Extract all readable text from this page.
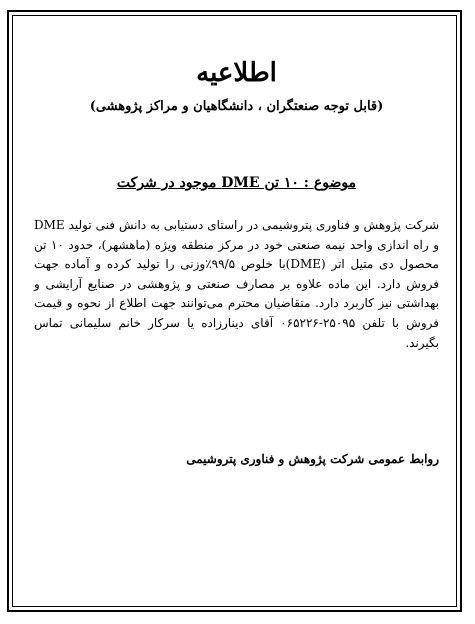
اطلاعیه
(قابل توجه صنعتگران ، دانشگاهیان و مراکز پژوهشی)
موضوع : ۱۰ تن DME موجود در شرکت
شرکت پژوهش و فناوری پتروشیمی در راستای دستیابی به دانش فنی تولید DME و راه اندازی واحد نیمه صنعتی خود در مرکز منطقه ویژه (ماهشهر)، حدود ۱۰ تن محصول دی متیل اتر (DME)با خلوص ۹۹/۵٪وزنی را تولید کرده و آماده جهت فروش دارد. این ماده علاوه بر مصارف صنعتی و پژوهشی در صنایع آرایشی و بهداشتی نیز کاربرد دارد. متقاضیان محترم می‌توانند جهت اطلاع از نحوه و قیمت فروش با تلفن ۲۵۰۹۵-۰۶۵۲۲۶ آقای دینارزاده یا سرکار خانم سلیمانی تماس بگیرند.
روابط عمومی شرکت پژوهش و فناوری پتروشیمی
